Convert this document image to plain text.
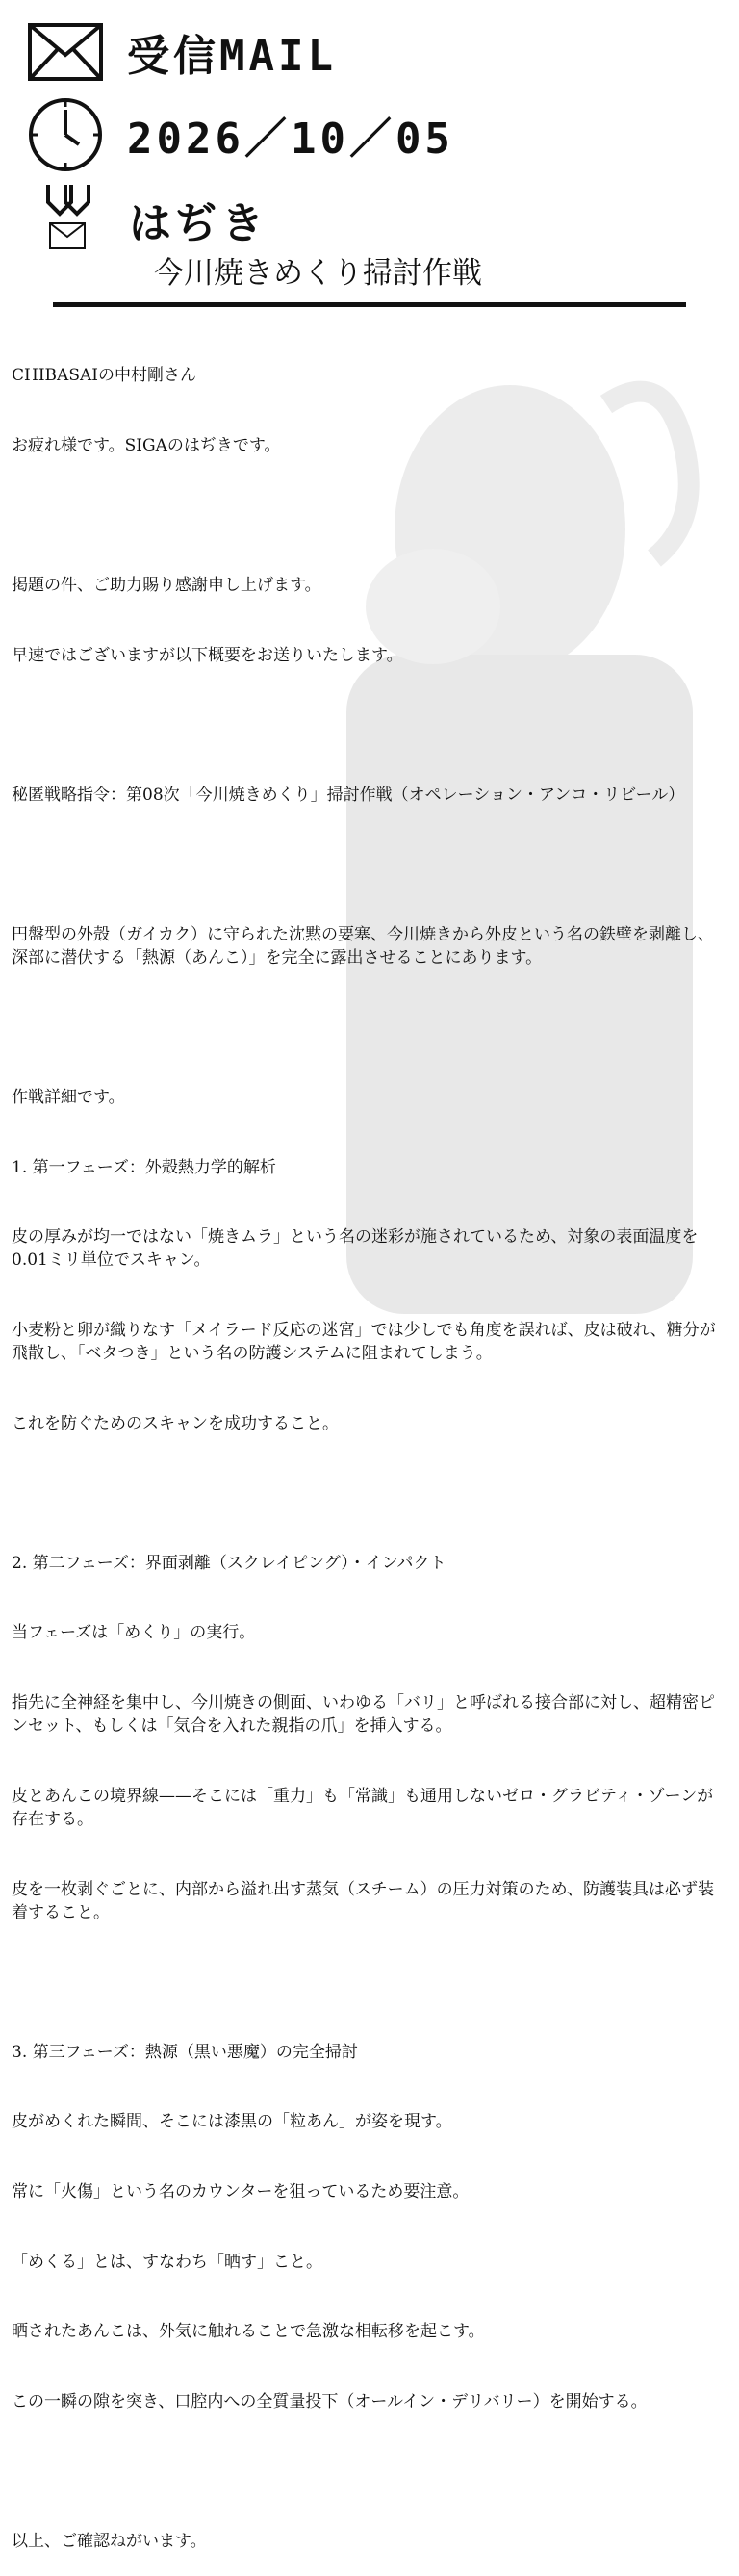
受信MAIL
2026／10／05
はぢき
今川焼きめくり掃討作戦

CHIBASAIの中村剛さん

お疲れ様です。SIGAのはぢきです。

掲題の件、ご助力賜り感謝申し上げます。

早速ではございますが以下概要をお送りいたします。

秘匿戦略指令：第08次「今川焼きめくり」掃討作戦（オペレーション・アンコ・リビール）

円盤型の外殻（ガイカク）に守られた沈黙の要塞、今川焼きから外皮という名の鉄壁を剥離し、深部に潜伏する「熱源（あんこ）」を完全に露出させることにあります。

作戦詳細です。

1. 第一フェーズ：外殻熱力学的解析

皮の厚みが均一ではない「焼きムラ」という名の迷彩が施されているため、対象の表面温度を0.01ミリ単位でスキャン。

小麦粉と卵が織りなす「メイラード反応の迷宮」では少しでも角度を誤れば、皮は破れ、糖分が飛散し、「ベタつき」という名の防護システムに阻まれてしまう。

これを防ぐためのスキャンを成功すること。

2. 第二フェーズ：界面剥離（スクレイピング）・インパクト

当フェーズは「めくり」の実行。

指先に全神経を集中し、今川焼きの側面、いわゆる「バリ」と呼ばれる接合部に対し、超精密ピンセット、もしくは「気合を入れた親指の爪」を挿入する。

皮とあんこの境界線——そこには「重力」も「常識」も通用しないゼロ・グラビティ・ゾーンが存在する。

皮を一枚剥ぐごとに、内部から溢れ出す蒸気（スチーム）の圧力対策のため、防護装具は必ず装着すること。

3. 第三フェーズ：熱源（黒い悪魔）の完全掃討

皮がめくれた瞬間、そこには漆黒の「粒あん」が姿を現す。

常に「火傷」という名のカウンターを狙っているため要注意。

「めくる」とは、すなわち「晒す」こと。

晒されたあんこは、外気に触れることで急激な相転移を起こす。

この一瞬の隙を突き、口腔内への全質量投下（オールイン・デリバリー）を開始する。

以上、ご確認ねがいます。
